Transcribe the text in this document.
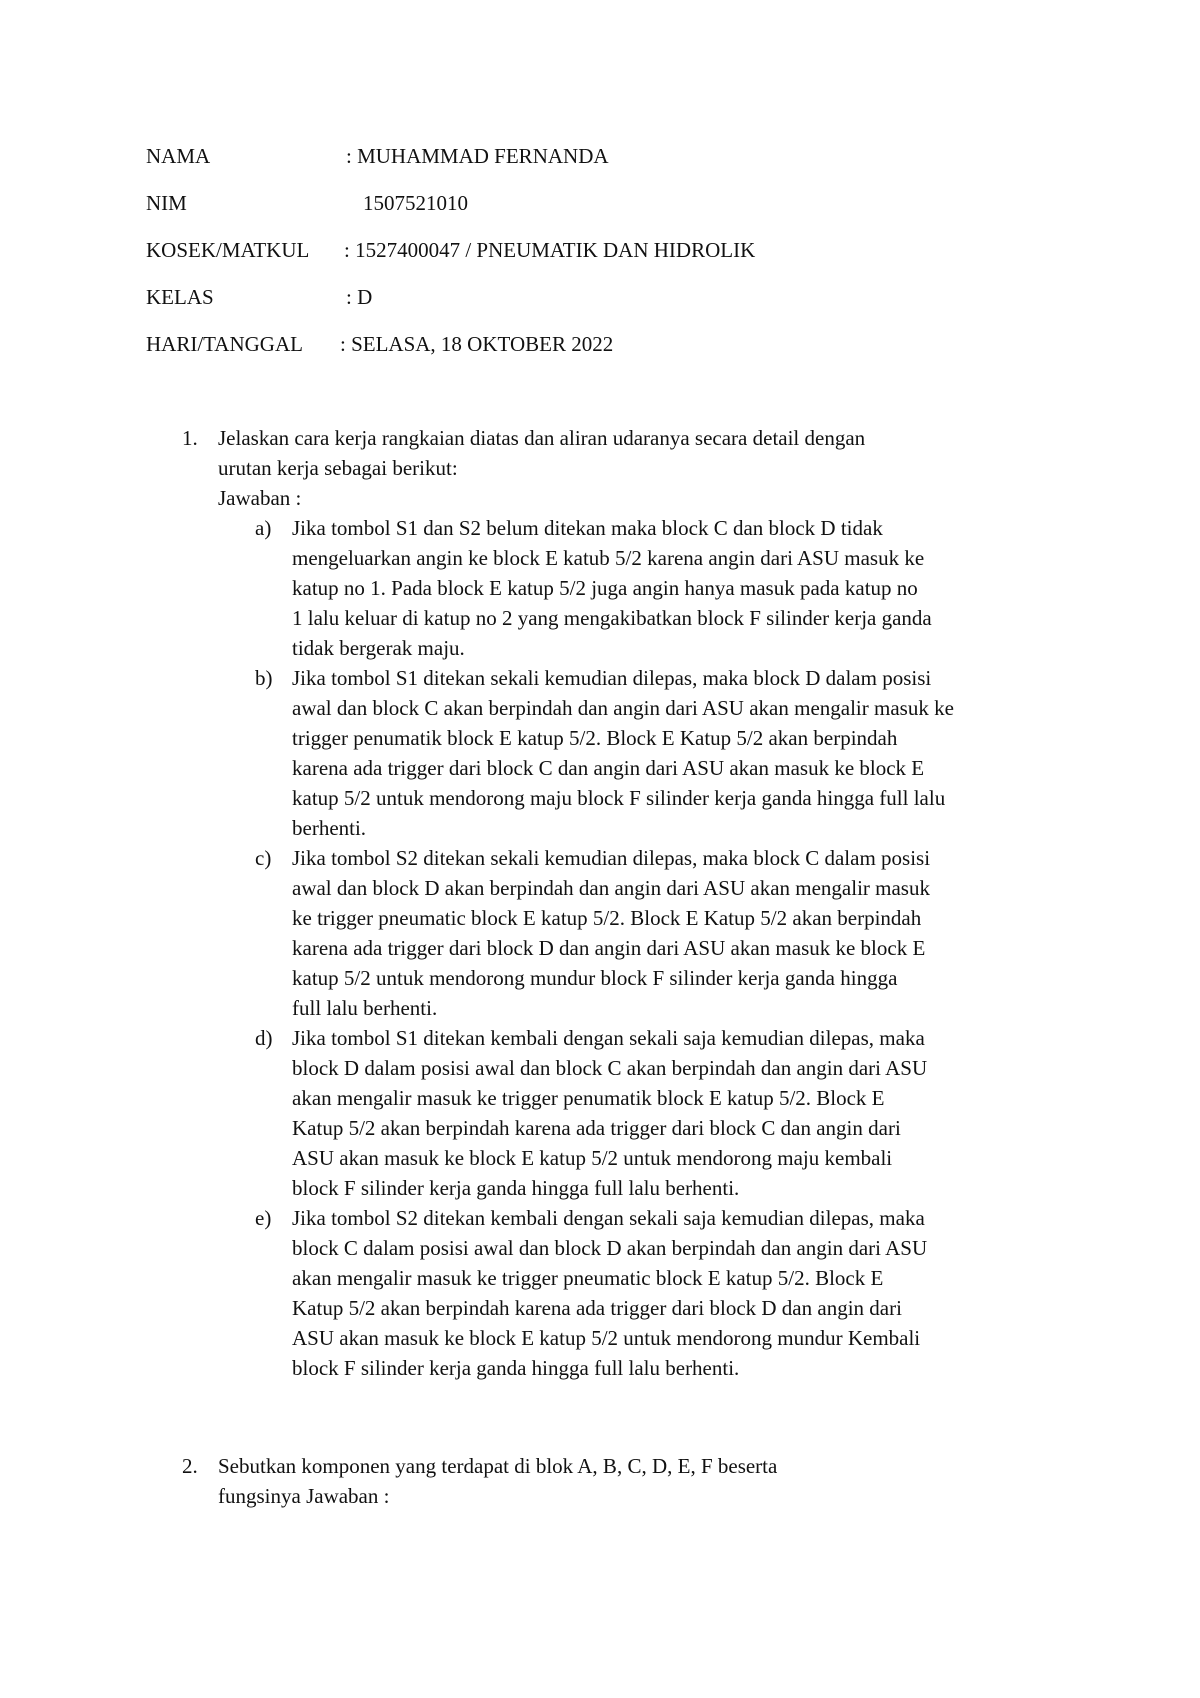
NAMA	: MUHAMMAD FERNANDA
NIM	1507521010
KOSEK/MATKUL : 1527400047 / PNEUMATIK DAN HIDROLIK
KELAS	: D
HARI/TANGGAL : SELASA, 18 OKTOBER 2022
1. Jelaskan cara kerja rangkaian diatas dan aliran udaranya secara detail dengan
urutan kerja sebagai berikut:
Jawaban :
a) Jika tombol S1 dan S2 belum ditekan maka block C dan block D tidak
mengeluarkan angin ke block E katub 5/2 karena angin dari ASU masuk ke
katup no 1. Pada block E katup 5/2 juga angin hanya masuk pada katup no
1 lalu keluar di katup no 2 yang mengakibatkan block F silinder kerja ganda
tidak bergerak maju.
b) Jika tombol S1 ditekan sekali kemudian dilepas, maka block D dalam posisi
awal dan block C akan berpindah dan angin dari ASU akan mengalir masuk ke
trigger penumatik block E katup 5/2. Block E Katup 5/2 akan berpindah
karena ada trigger dari block C dan angin dari ASU akan masuk ke block E
katup 5/2 untuk mendorong maju block F silinder kerja ganda hingga full lalu
berhenti.
c) Jika tombol S2 ditekan sekali kemudian dilepas, maka block C dalam posisi
awal dan block D akan berpindah dan angin dari ASU akan mengalir masuk
ke trigger pneumatic block E katup 5/2. Block E Katup 5/2 akan berpindah
karena ada trigger dari block D dan angin dari ASU akan masuk ke block E
katup 5/2 untuk mendorong mundur block F silinder kerja ganda hingga
full lalu berhenti.
d) Jika tombol S1 ditekan kembali dengan sekali saja kemudian dilepas, maka
block D dalam posisi awal dan block C akan berpindah dan angin dari ASU
akan mengalir masuk ke trigger penumatik block E katup 5/2. Block E
Katup 5/2 akan berpindah karena ada trigger dari block C dan angin dari
ASU akan masuk ke block E katup 5/2 untuk mendorong maju kembali
block F silinder kerja ganda hingga full lalu berhenti.
e) Jika tombol S2 ditekan kembali dengan sekali saja kemudian dilepas, maka
block C dalam posisi awal dan block D akan berpindah dan angin dari ASU
akan mengalir masuk ke trigger pneumatic block E katup 5/2. Block E
Katup 5/2 akan berpindah karena ada trigger dari block D dan angin dari
ASU akan masuk ke block E katup 5/2 untuk mendorong mundur Kembali
block F silinder kerja ganda hingga full lalu berhenti.
2. Sebutkan komponen yang terdapat di blok A, B, C, D, E, F beserta
fungsinya Jawaban :
